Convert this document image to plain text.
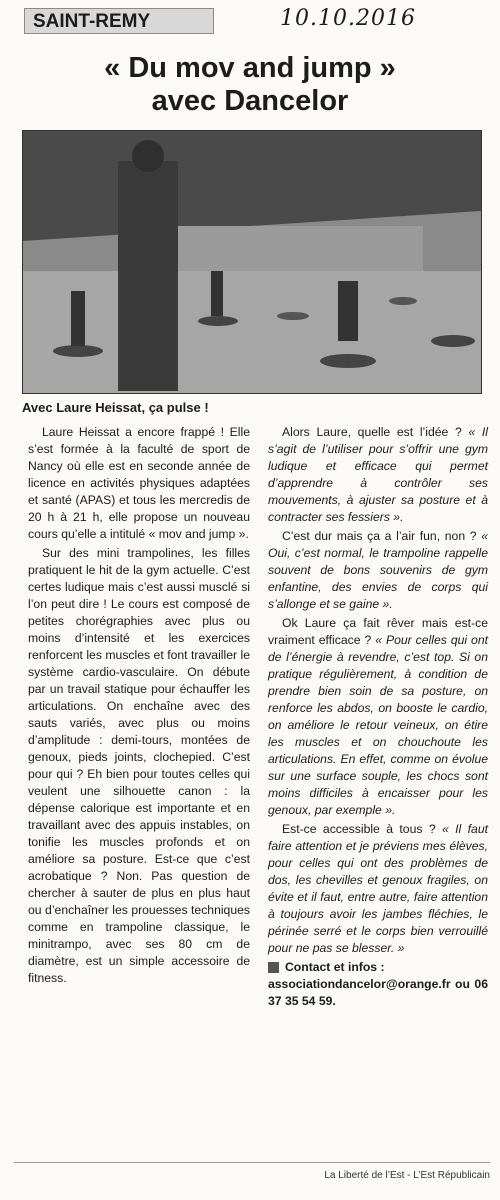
SAINT-REMY	10.10.2016
« Du mov and jump »
avec Dancelor
Avec Laure Heissat, ça pulse !

Laure Heissat a encore frappé ! Elle s’est formée à la faculté de sport de Nancy où elle est en seconde année de licence en activités physiques adaptées et santé (APAS) et tous les mercredis de 20 h à 21 h, elle propose un nouveau cours qu’elle a intitulé « mov and jump ».

Sur des mini trampolines, les filles pratiquent le hit de la gym actuelle. C’est certes ludique mais c’est aussi musclé si l’on peut dire ! Le cours est composé de petites chorégraphies avec plus ou moins d’intensité et les exercices renforcent les muscles et font travailler le système cardio-vasculaire. On débute par un travail statique pour échauffer les articulations. On enchaîne avec des sauts variés, avec plus ou moins d’amplitude : demi-tours, montées de genoux, pieds joints, clochepied. C’est pour qui ? Eh bien pour toutes celles qui veulent une silhouette canon : la dépense calorique est importante et en travaillant avec des appuis instables, on tonifie les muscles profonds et on améliore sa posture. Est-ce que c’est acrobatique ? Non. Pas question de chercher à sauter de plus en plus haut ou d’enchaîner les prouesses techniques comme en trampoline classique, le minitrampo, avec ses 80 cm de diamètre, est un simple accessoire de fitness.

Alors Laure, quelle est l’idée ? « Il s’agit de l’utiliser pour s’offrir une gym ludique et efficace qui permet d’apprendre à contrôler ses mouvements, à ajuster sa posture et à contracter ses fessiers ».

C’est dur mais ça a l’air fun, non ? « Oui, c’est normal, le trampoline rappelle souvent de bons souvenirs de gym enfantine, des envies de corps qui s’allonge et se gaine ».

Ok Laure ça fait rêver mais est-ce vraiment efficace ? « Pour celles qui ont de l’énergie à revendre, c’est top. Si on pratique régulièrement, à condition de prendre bien soin de sa posture, on renforce les abdos, on booste le cardio, on améliore le retour veineux, on étire les muscles et on chouchoute les articulations. En effet, comme on évolue sur une surface souple, les chocs sont moins difficiles à encaisser pour les genoux, par exemple ».

Est-ce accessible à tous ? « Il faut faire attention et je préviens mes élèves, pour celles qui ont des problèmes de dos, les chevilles et genoux fragiles, on évite et il faut, entre autre, faire attention à toujours avoir les jambes fléchies, le périnée serré et le corps bien verrouillé pour ne pas se blesser. »

Contact et infos :
associationdancelor@orange.fr ou 06 37 35 54 59.
La Liberté de l’Est - L’Est Républicain
